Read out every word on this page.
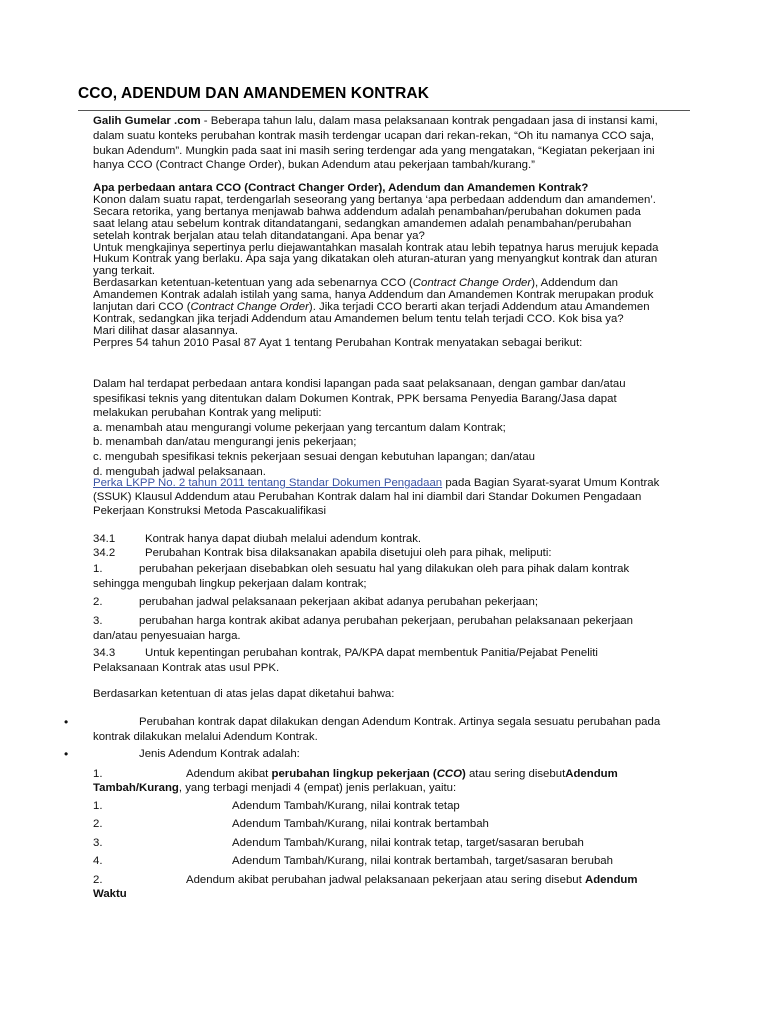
CCO, ADENDUM DAN AMANDEMEN KONTRAK

Galih Gumelar .com - Beberapa tahun lalu, dalam masa pelaksanaan kontrak pengadaan jasa di instansi kami,

dalam suatu konteks perubahan kontrak masih terdengar ucapan dari rekan-rekan, “Oh itu namanya CCO saja,

bukan Adendum”. Mungkin pada saat ini masih sering terdengar ada yang mengatakan, “Kegiatan pekerjaan ini

hanya CCO (Contract Change Order), bukan Adendum atau pekerjaan tambah/kurang.”

Apa perbedaan antara CCO (Contract Changer Order), Adendum dan Amandemen Kontrak?

Konon dalam suatu rapat, terdengarlah seseorang yang bertanya ‘apa perbedaan addendum dan amandemen’.

Secara retorika, yang bertanya menjawab bahwa addendum adalah penambahan/perubahan dokumen pada

saat lelang atau sebelum kontrak ditandatangani, sedangkan amandemen adalah penambahan/perubahan

setelah kontrak berjalan atau telah ditandatangani. Apa benar ya?

Untuk mengkajinya sepertinya perlu diejawantahkan masalah kontrak atau lebih tepatnya harus merujuk kepada

Hukum Kontrak yang berlaku. Apa saja yang dikatakan oleh aturan-aturan yang menyangkut kontrak dan aturan

yang terkait.

Berdasarkan ketentuan-ketentuan yang ada sebenarnya CCO (Contract Change Order), Addendum dan

Amandemen Kontrak adalah istilah yang sama, hanya Addendum dan Amandemen Kontrak merupakan produk

lanjutan dari CCO (Contract Change Order). Jika terjadi CCO berarti akan terjadi Addendum atau Amandemen

Kontrak, sedangkan jika terjadi Addendum atau Amandemen belum tentu telah terjadi CCO. Kok bisa ya?

Mari dilihat dasar alasannya.

Perpres 54 tahun 2010 Pasal 87 Ayat 1 tentang Perubahan Kontrak menyatakan sebagai berikut:

Dalam hal terdapat perbedaan antara kondisi lapangan pada saat pelaksanaan, dengan gambar dan/atau

spesifikasi teknis yang ditentukan dalam Dokumen Kontrak, PPK bersama Penyedia Barang/Jasa dapat

melakukan perubahan Kontrak yang meliputi:

a. menambah atau mengurangi volume pekerjaan yang tercantum dalam Kontrak;

b. menambah dan/atau mengurangi jenis pekerjaan;

c. mengubah spesifikasi teknis pekerjaan sesuai dengan kebutuhan lapangan; dan/atau

d. mengubah jadwal pelaksanaan.

Perka LKPP No. 2 tahun 2011 tentang Standar Dokumen Pengadaan pada Bagian Syarat-syarat Umum Kontrak

(SSUK) Klausul Addendum atau Perubahan Kontrak dalam hal ini diambil dari Standar Dokumen Pengadaan

Pekerjaan Konstruksi Metoda Pascakualifikasi

34.1	Kontrak hanya dapat diubah melalui adendum kontrak.
34.2	Perubahan Kontrak bisa dilaksanakan apabila disetujui oleh para pihak, meliputi:
1.	perubahan pekerjaan disebabkan oleh sesuatu hal yang dilakukan oleh para pihak dalam kontrak
sehingga mengubah lingkup pekerjaan dalam kontrak;
2.	perubahan jadwal pelaksanaan pekerjaan akibat adanya perubahan pekerjaan;
3.	perubahan harga kontrak akibat adanya perubahan pekerjaan, perubahan pelaksanaan pekerjaan
dan/atau penyesuaian harga.
34.3	Untuk kepentingan perubahan kontrak, PA/KPA dapat membentuk Panitia/Pejabat Peneliti
Pelaksanaan Kontrak atas usul PPK.
Berdasarkan ketentuan di atas jelas dapat diketahui bahwa:
•	Perubahan kontrak dapat dilakukan dengan Adendum Kontrak. Artinya segala sesuatu perubahan pada
kontrak dilakukan melalui Adendum Kontrak.
•	Jenis Adendum Kontrak adalah:
1.	Adendum akibat perubahan lingkup pekerjaan (CCO) atau sering disebutAdendum
Tambah/Kurang, yang terbagi menjadi 4 (empat) jenis perlakuan, yaitu:
1.	Adendum Tambah/Kurang, nilai kontrak tetap
2.	Adendum Tambah/Kurang, nilai kontrak bertambah
3.	Adendum Tambah/Kurang, nilai kontrak tetap, target/sasaran berubah
4.	Adendum Tambah/Kurang, nilai kontrak bertambah, target/sasaran berubah
2.	Adendum akibat perubahan jadwal pelaksanaan pekerjaan atau sering disebut Adendum
Waktu
